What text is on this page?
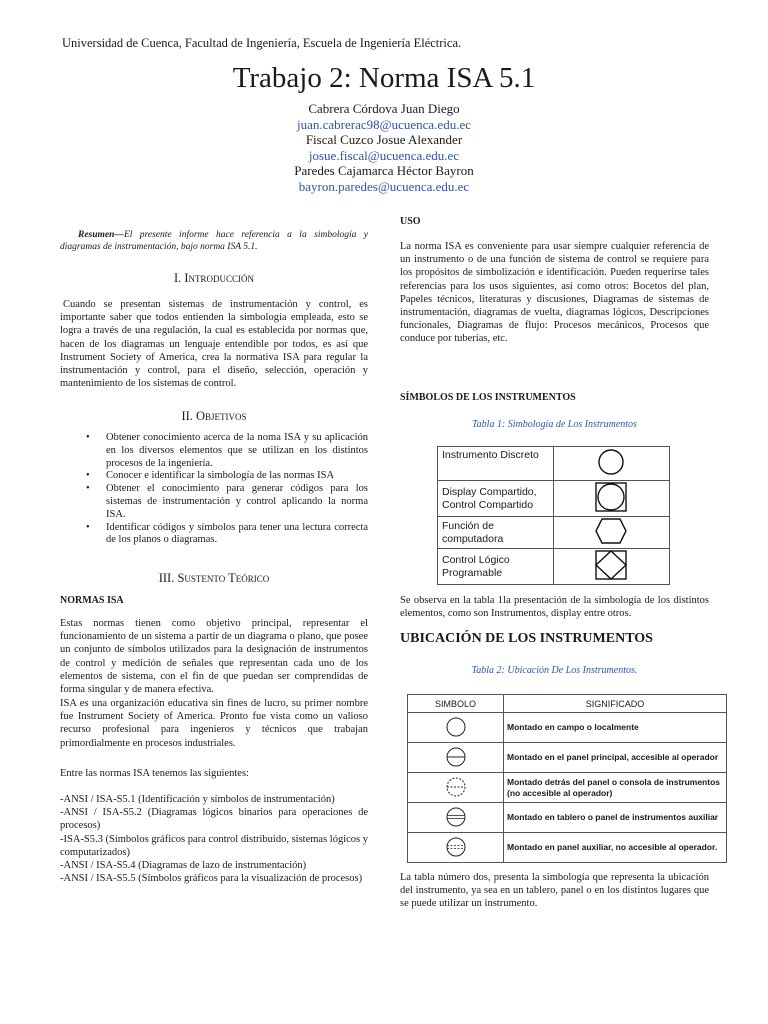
Universidad de Cuenca, Facultad de Ingeniería, Escuela de Ingeniería Eléctrica.
Trabajo 2: Norma ISA 5.1
Cabrera Córdova Juan Diego
juan.cabrerac98@ucuenca.edu.ec
Fiscal Cuzco Josue Alexander
josue.fiscal@ucuenca.edu.ec
Paredes Cajamarca Héctor Bayron
bayron.paredes@ucuenca.edu.ec
Resumen—El presente informe hace referencia a la simbología y diagramas de instrumentación, bajo norma ISA 5.1.
I. Introducción
Cuando se presentan sistemas de instrumentación y control, es importante saber que todos entienden la simbología empleada, esto se logra a través de una regulación, la cual es establecida por normas que, hacen de los diagramas un lenguaje entendible por todos, es así que Instrument Society of America, crea la normativa ISA para regular la instrumentación y control, para el diseño, selección, operación y mantenimiento de los sistemas de control.
II. Objetivos
• Obtener conocimiento acerca de la noma ISA y su aplicación en los diversos elementos que se utilizan en los distintos procesos de la ingeniería.
• Conocer e identificar la simbología de las normas ISA
• Obtener el conocimiento para generar códigos para los sistemas de instrumentación y control aplicando la norma ISA.
• Identificar códigos y símbolos para tener una lectura correcta de los planos o diagramas.
III. Sustento Teórico
NORMAS ISA
Estas normas tienen como objetivo principal, representar el funcionamiento de un sistema a partir de un diagrama o plano, que posee un conjunto de símbolos utilizados para la designación de instrumentos de control y medición de señales que representan cada uno de los elementos de sistema, con el fin de que puedan ser comprendidas de forma singular y de manera efectiva.
ISA es una organización educativa sin fines de lucro, su primer nombre fue Instrument Society of America. Pronto fue vista como un valioso recurso profesional para ingenieros y técnicos que trabajan primordialmente en procesos industriales.
Entre las normas ISA tenemos las siguientes:
-ANSI / ISA-S5.1 (Identificación y símbolos de instrumentación)
-ANSI / ISA-S5.2 (Diagramas lógicos binarios para operaciones de procesos)
-ISA-S5.3 (Símbolos gráficos para control distribuido, sistemas lógicos y computarizados)
-ANSI / ISA-S5.4 (Diagramas de lazo de instrumentación)
-ANSI / ISA-S5.5 (Símbolos gráficos para la visualización de procesos)
USO
La norma ISA es conveniente para usar siempre cualquier referencia de un instrumento o de una función de sistema de control se requiere para los propósitos de simbolización e identificación. Pueden requerirse tales referencias para los usos siguientes, así como otros: Bocetos del plan, Papeles técnicos, literaturas y discusiones, Diagramas de sistemas de instrumentación, diagramas de vuelta, diagramas lógicos, Descripciones funcionales, Diagramas de flujo: Procesos mecánicos, Procesos que conduce por tuberías, etc.
SÍMBOLOS DE LOS INSTRUMENTOS
Tabla 1: Simbología de Los Instrumentos
Instrumento Discreto	
Display Compartido, Control Compartido	
Función de computadora	
Control Lógico Programable	
Se observa en la tabla 1la presentación de la simbología de los distintos elementos, como son Instrumentos, display entre otros.
UBICACIÓN DE LOS INSTRUMENTOS
Tabla 2: Ubicación De Los Instrumentos.
SIMBOLO	SIGNIFICADO
	Montado en campo o localmente
	Montado en el panel principal, accesible al operador
	Montado detrás del panel o consola de instrumentos (no accesible al operador)
	Montado en tablero o panel de instrumentos auxiliar
	Montado en panel auxiliar, no accesible al operador.
La tabla número dos, presenta la simbología que representa la ubicación del instrumento, ya sea en un tablero, panel o en los distintos lugares que se puede utilizar un instrumento.
